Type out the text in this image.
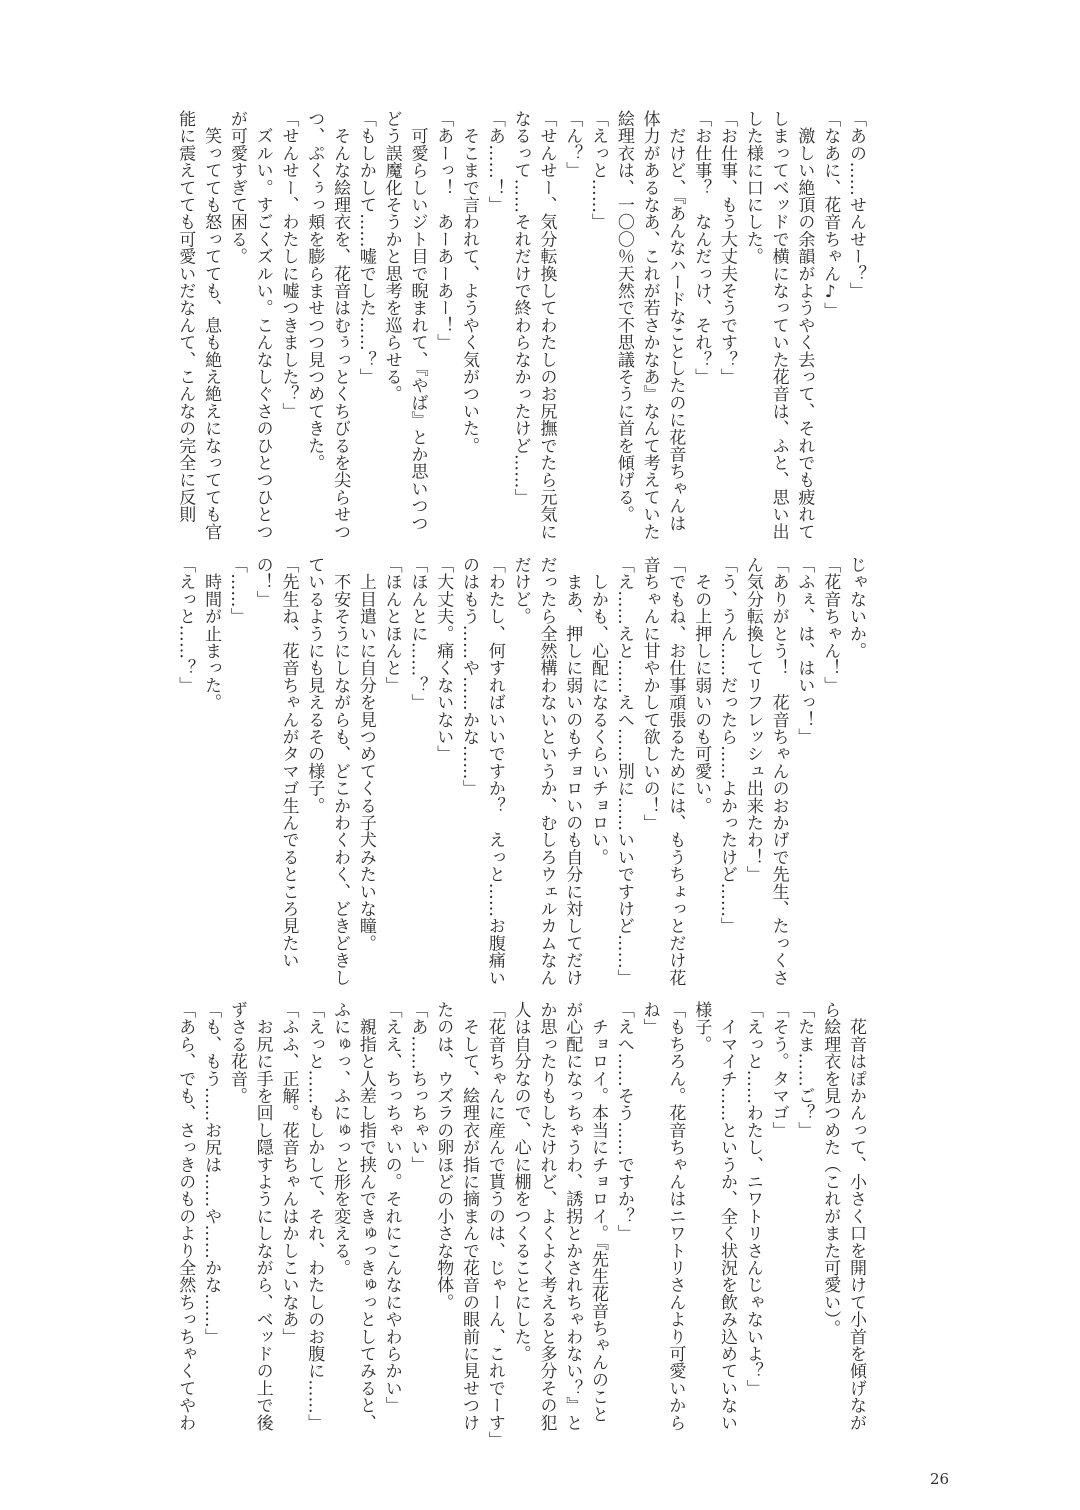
「あの……せんせー？」
「なあに、花音ちゃん♪」
　激しい絶頂の余韻がようやく去って、それでも疲れて
しまってベッドで横になっていた花音は、ふと、思い出
した様に口にした。
「お仕事、もう大丈夫そうです？」
「お仕事？　なんだっけ、それ？」
　だけど、『あんなハードなことしたのに花音ちゃんは
体力があるなあ、これが若さかなあ』なんて考えていた
絵理衣は、一〇〇％天然で不思議そうに首を傾げる。
「えっと……」
「ん？」
「せんせー、気分転換してわたしのお尻撫でたら元気に
なるって……それだけで終わらなかったけど……」
「あ……！」
　そこまで言われて、ようやく気がついた。
「あーっ！　あーあーあー！」
　可愛らしいジト目で睨まれて、『やば』とか思いつつ
どう誤魔化そうかと思考を巡らせる。
「もしかして……嘘でした……？」
　そんな絵理衣を、花音はむぅっとくちびるを尖らせつ
つ、ぷくぅっ頬を膨らませつつ見つめてきた。
「せんせー、わたしに嘘つきました？」
　ズルい。すごくズルい。こんなしぐさのひとつひとつ
が可愛すぎて困る。
　笑ってても怒ってても、息も絶え絶えになってても官
能に震えてても可愛いだなんて、こんなの完全に反則
じゃないか。
「花音ちゃん！」
「ふぇ、は、はいっ！」
「ありがとう！　花音ちゃんのおかげで先生、たっくさ
ん気分転換してリフレッシュ出来たわ！」
「う、うん……だったら……よかったけど……」
　その上押しに弱いのも可愛い。
「でもね、お仕事頑張るためには、もうちょっとだけ花
音ちゃんに甘やかして欲しいの！」
「え……えと……えへ……別に……いいですけど……」
　しかも、心配になるくらいチョロい。
　まあ、押しに弱いのもチョロいのも自分に対してだけ
だったら全然構わないというか、むしろウェルカムなん
だけど。
「わたし、何すればいいですか？　えっと……お腹痛い
のはもう……や……かな……」
「大丈夫。痛くないない」
「ほんとに……？」
「ほんとほんと」
　上目遣いに自分を見つめてくる子犬みたいな瞳。
　不安そうにしながらも、どこかわくわく、どきどきし
ているようにも見えるその様子。
「先生ね、花音ちゃんがタマゴ生んでるところ見たい
の！」
「……」
　時間が止まった。
「えっと……？」
　花音はぽかんって、小さく口を開けて小首を傾げなが
ら絵理衣を見つめた（これがまた可愛い）。
「たま……ご？」
「そう。タマゴ」
「えっと……わたし、ニワトリさんじゃないよ？」
　イマイチ……というか、全く状況を飲み込めていない
様子。
「もちろん。花音ちゃんはニワトリさんより可愛いから
ね」
「えへ……そう……ですか？」
　チョロイ。本当にチョロイ。『先生花音ちゃんのこと
が心配になっちゃうわ、誘拐とかされちゃわない？』と
か思ったりもしたけれど、よくよく考えると多分その犯
人は自分なので、心に棚をつくることにした。
「花音ちゃんに産んで貰うのは、じゃーん、これでーす」
　そして、絵理衣が指に摘まんで花音の眼前に見せつけ
たのは、ウズラの卵ほどの小さな物体。
「あ……ちっちゃい」
「ええ、ちっちゃいの。それにこんなにやわらかい」
　親指と人差し指で挟んできゅっきゅっとしてみると、
ふにゅっ、ふにゅっと形を変える。
「えっと……もしかして、それ、わたしのお腹に……」
「ふふ、正解。花音ちゃんはかしこいなあ」
　お尻に手を回し隠すようにしながら、ベッドの上で後
ずさる花音。
「も、もう……お尻は……や……かな……」
「あら、でも、さっきのものより全然ちっちゃくてやわ
26
